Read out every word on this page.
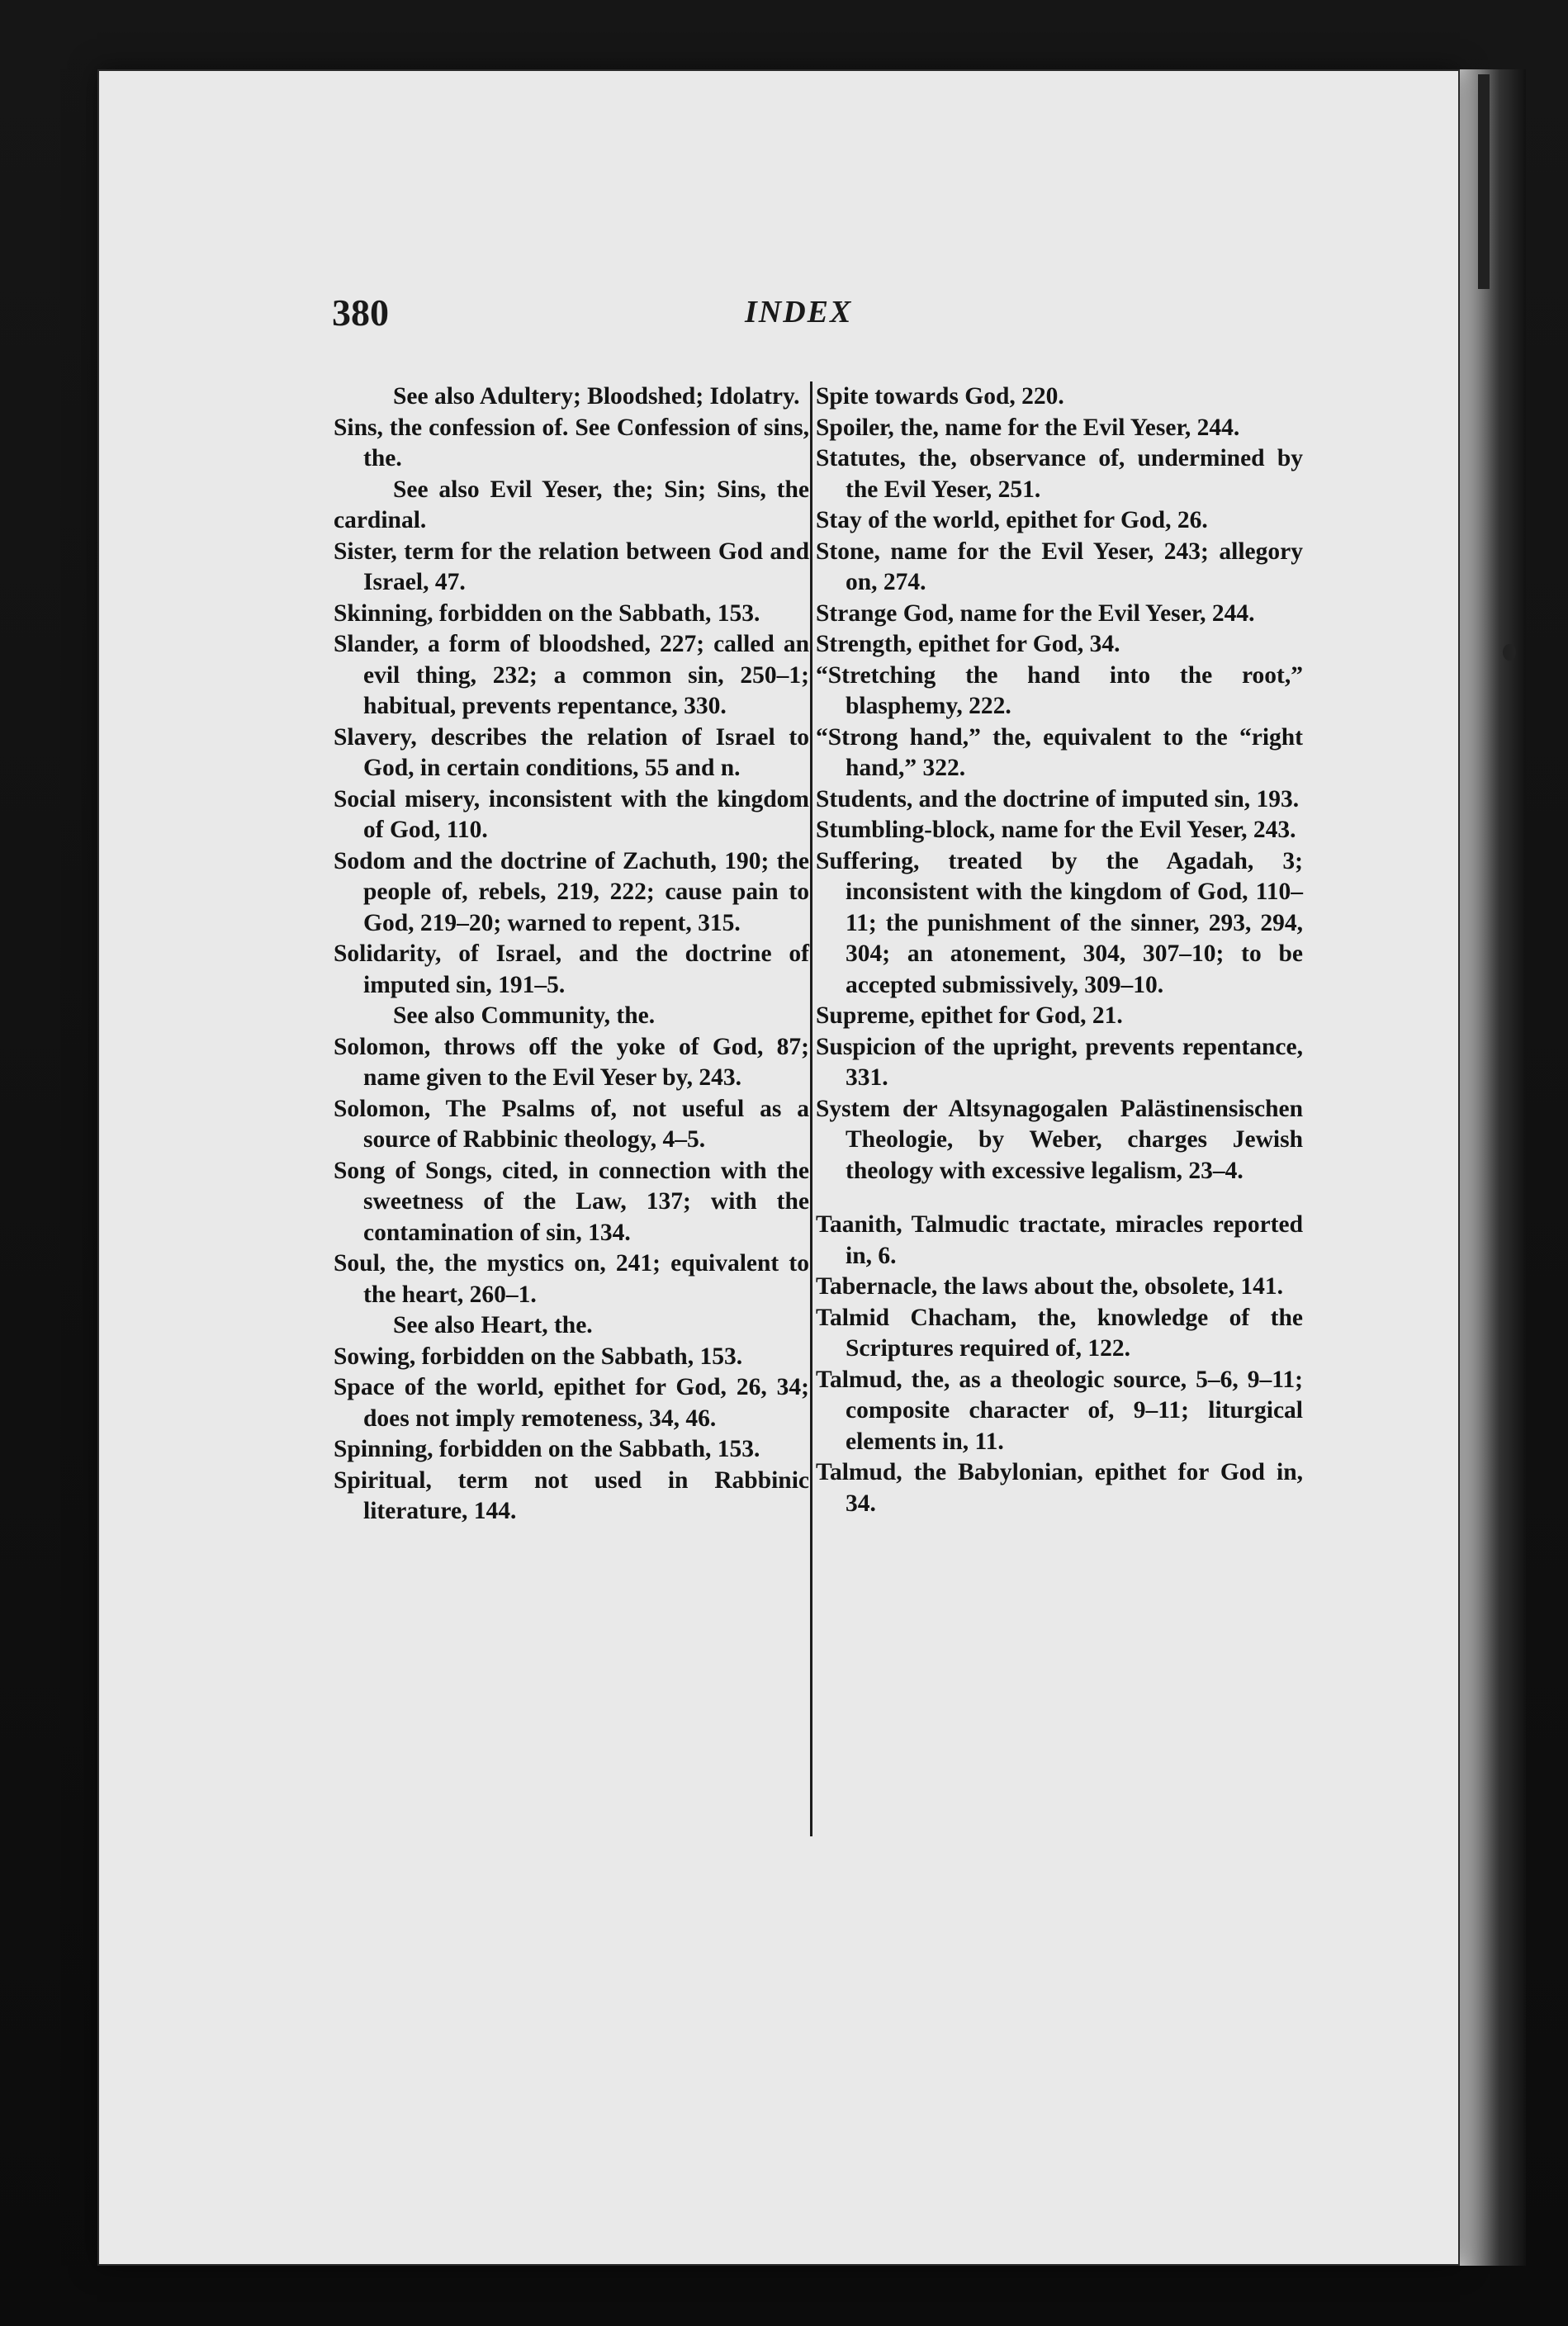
380	INDEX

See also Adultery; Bloodshed; Idolatry.

Sins, the confession of. See Confession of sins, the.

See also Evil Yeser, the; Sin; Sins, the cardinal.

Sister, term for the relation between God and Israel, 47.

Skinning, forbidden on the Sabbath, 153.

Slander, a form of bloodshed, 227; called an evil thing, 232; a common sin, 250–1; habitual, prevents repentance, 330.

Slavery, describes the relation of Israel to God, in certain conditions, 55 and n.

Social misery, inconsistent with the kingdom of God, 110.

Sodom and the doctrine of Zachuth, 190; the people of, rebels, 219, 222; cause pain to God, 219–20; warned to repent, 315.

Solidarity, of Israel, and the doctrine of imputed sin, 191–5.

See also Community, the.

Solomon, throws off the yoke of God, 87; name given to the Evil Yeser by, 243.

Solomon, The Psalms of, not useful as a source of Rabbinic theology, 4–5.

Song of Songs, cited, in connection with the sweetness of the Law, 137; with the contamination of sin, 134.

Soul, the, the mystics on, 241; equivalent to the heart, 260–1.

See also Heart, the.

Sowing, forbidden on the Sabbath, 153.

Space of the world, epithet for God, 26, 34; does not imply remoteness, 34, 46.

Spinning, forbidden on the Sabbath, 153.

Spiritual, term not used in Rabbinic literature, 144.

Spite towards God, 220.

Spoiler, the, name for the Evil Yeser, 244.

Statutes, the, observance of, undermined by the Evil Yeser, 251.

Stay of the world, epithet for God, 26.

Stone, name for the Evil Yeser, 243; allegory on, 274.

Strange God, name for the Evil Yeser, 244.

Strength, epithet for God, 34.

“Stretching the hand into the root,” blasphemy, 222.

“Strong hand,” the, equivalent to the “right hand,” 322.

Students, and the doctrine of imputed sin, 193.

Stumbling-block, name for the Evil Yeser, 243.

Suffering, treated by the Agadah, 3; inconsistent with the kingdom of God, 110–11; the punishment of the sinner, 293, 294, 304; an atonement, 304, 307–10; to be accepted submissively, 309–10.

Supreme, epithet for God, 21.

Suspicion of the upright, prevents repentance, 331.

System der Altsynagogalen Palästinensischen Theologie, by Weber, charges Jewish theology with excessive legalism, 23–4.

Taanith, Talmudic tractate, miracles reported in, 6.

Tabernacle, the laws about the, obsolete, 141.

Talmid Chacham, the, knowledge of the Scriptures required of, 122.

Talmud, the, as a theologic source, 5–6, 9–11; composite character of, 9–11; liturgical elements in, 11.

Talmud, the Babylonian, epithet for God in, 34.
